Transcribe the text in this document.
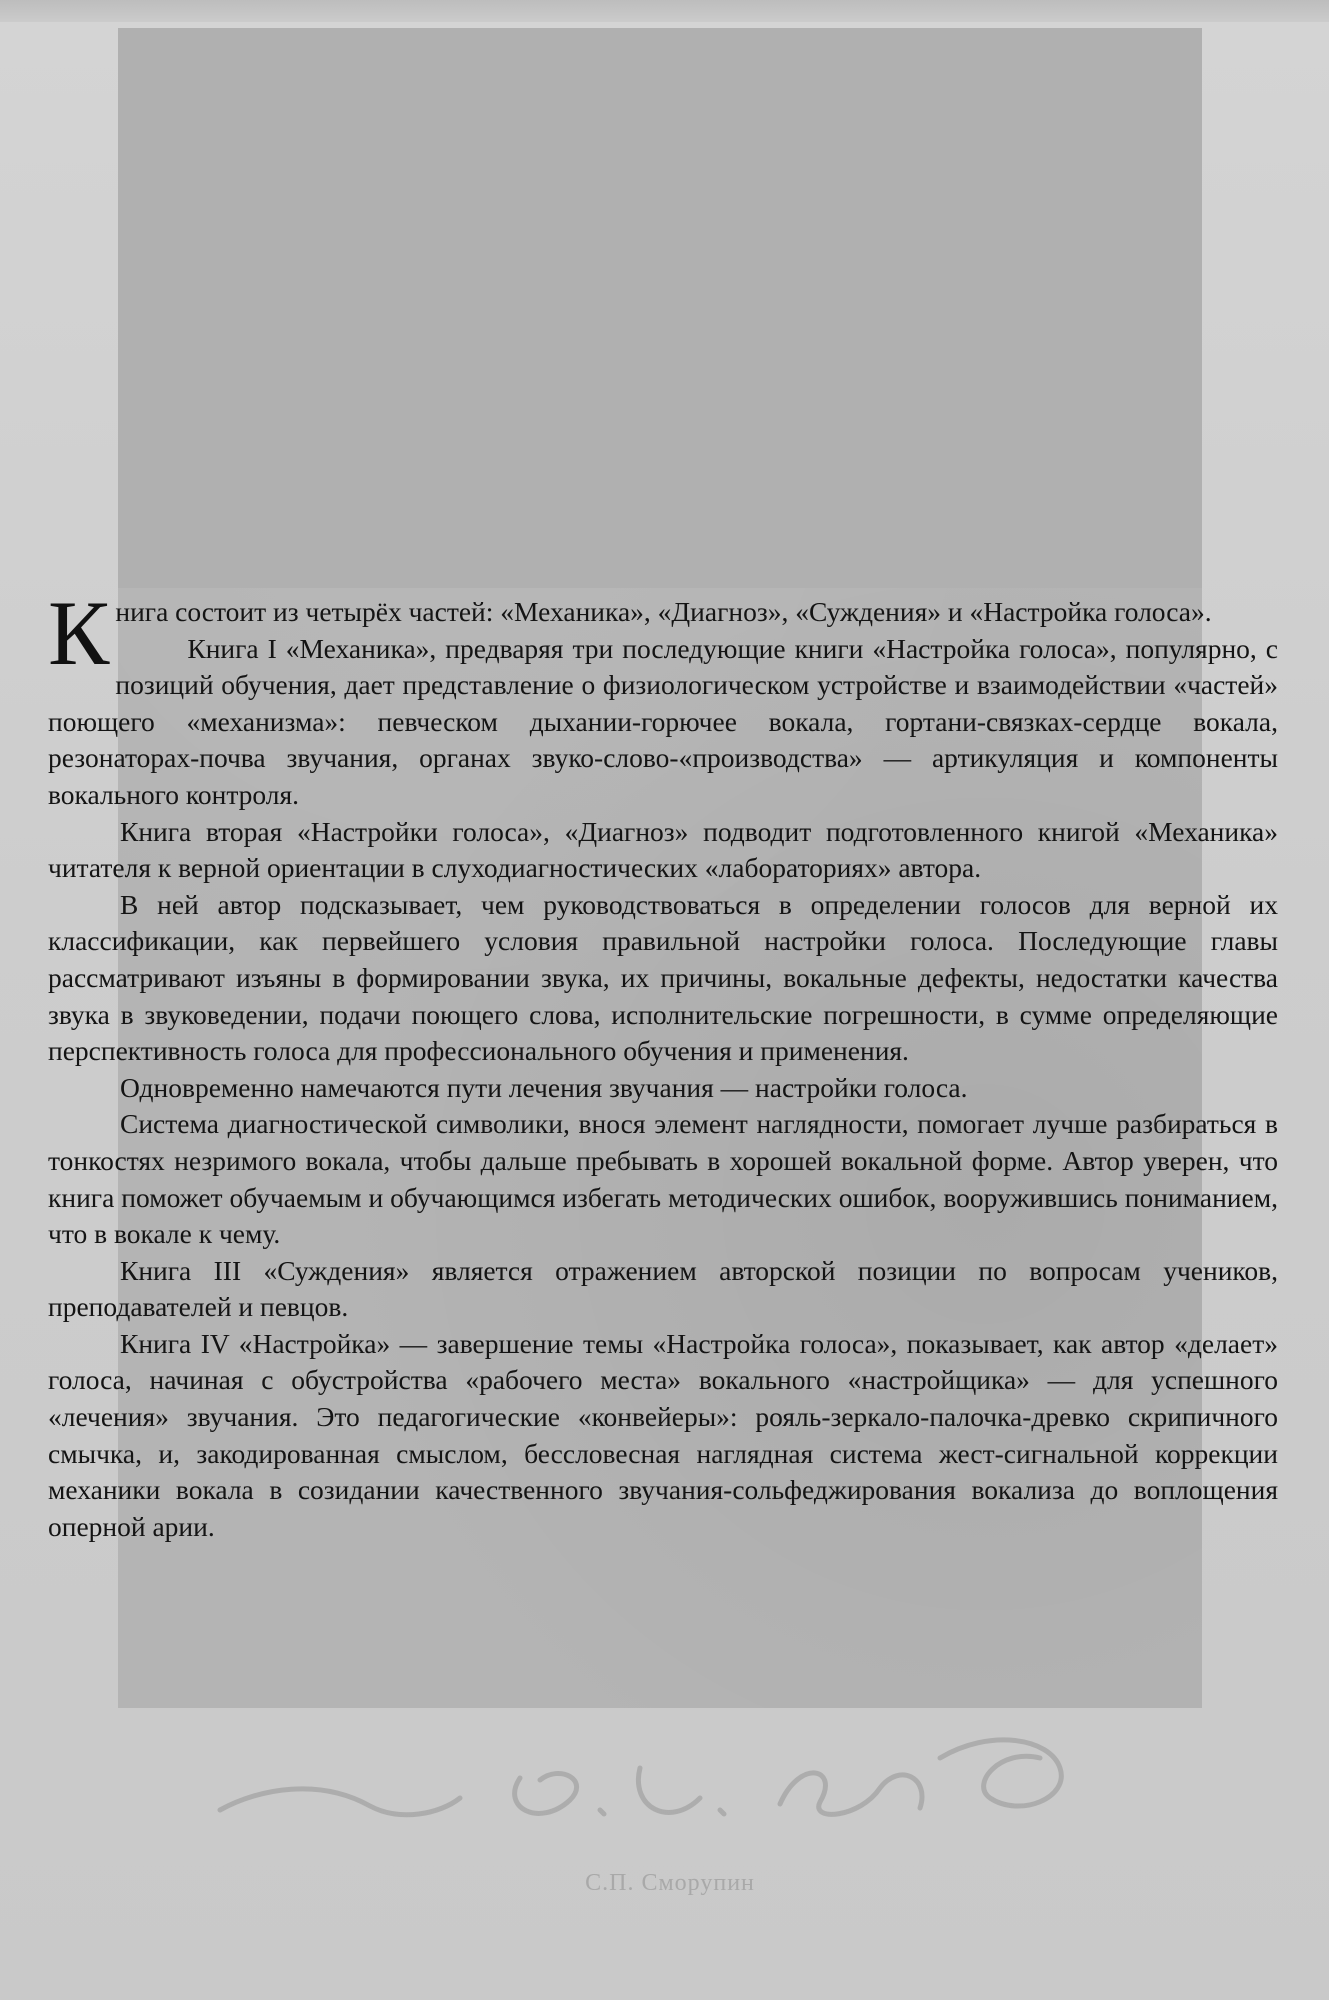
Книга состоит из четырёх частей: «Механика», «Диагноз», «Суждения» и «Настройка голоса».

Книга I «Механика», предваряя три последующие книги «Настройка голоса», популярно, с позиций обучения, дает представление о физиологическом устройстве и взаимодействии «частей» поющего «механизма»: певческом дыхании-горючее вокала, гортани-связках-сердце вокала, резонаторах-почва звучания, органах звуко-слово-«производства» — артикуляция и компоненты вокального контроля.

Книга вторая «Настройки голоса», «Диагноз» подводит подготовленного книгой «Механика» читателя к верной ориентации в слуходиагностических «лабораториях» автора.

В ней автор подсказывает, чем руководствоваться в определении голосов для верной их классификации, как первейшего условия правильной настройки голоса. Последующие главы рассматривают изъяны в формировании звука, их причины, вокальные дефекты, недостатки качества звука в звуковедении, подачи поющего слова, исполнительские погрешности, в сумме определяющие перспективность голоса для профессионального обучения и применения.

Одновременно намечаются пути лечения звучания — настройки голоса.

Система диагностической символики, внося элемент наглядности, помогает лучше разбираться в тонкостях незримого вокала, чтобы дальше пребывать в хорошей вокальной форме. Автор уверен, что книга поможет обучаемым и обучающимся избегать методических ошибок, вооружившись пониманием, что в вокале к чему.

Книга III «Суждения» является отражением авторской позиции по вопросам учеников, преподавателей и певцов.

Книга IV «Настройка» — завершение темы «Настройка голоса», показывает, как автор «делает» голоса, начиная с обустройства «рабочего места» вокального «настройщика» — для успешного «лечения» звучания. Это педагогические «конвейеры»: рояль-зеркало-палочка-древко скрипичного смычка, и, закодированная смыслом, бессловесная наглядная система жест-сигнальной коррекции механики вокала в созидании качественного звучания-сольфеджирования вокализа до воплощения оперной арии.

С.П. Сморупин
